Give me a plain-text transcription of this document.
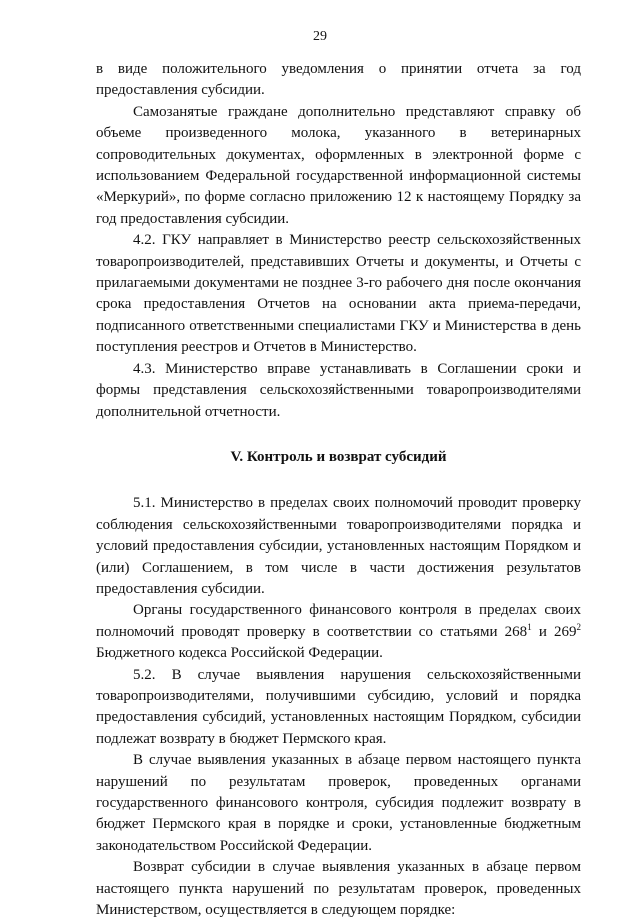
29

в виде положительного уведомления о принятии отчета за год предоставления субсидии.

Самозанятые граждане дополнительно представляют справку об объеме произведенного молока, указанного в ветеринарных сопроводительных документах, оформленных в электронной форме с использованием Федеральной государственной информационной системы «Меркурий», по форме согласно приложению 12 к настоящему Порядку за год предоставления субсидии.

4.2. ГКУ направляет в Министерство реестр сельскохозяйственных товаропроизводителей, представивших Отчеты и документы, и Отчеты с прилагаемыми документами не позднее 3-го рабочего дня после окончания срока предоставления Отчетов на основании акта приема-передачи, подписанного ответственными специалистами ГКУ и Министерства в день поступления реестров и Отчетов в Министерство.

4.3. Министерство вправе устанавливать в Соглашении сроки и формы представления сельскохозяйственными товаропроизводителями дополнительной отчетности.

V. Контроль и возврат субсидий

5.1. Министерство в пределах своих полномочий проводит проверку соблюдения сельскохозяйственными товаропроизводителями порядка и условий предоставления субсидии, установленных настоящим Порядком и (или) Соглашением, в том числе в части достижения результатов предоставления субсидии.

Органы государственного финансового контроля в пределах своих полномочий проводят проверку в соответствии со статьями $268^1$ и $269^2$ Бюджетного кодекса Российской Федерации.

5.2. В случае выявления нарушения сельскохозяйственными товаропроизводителями, получившими субсидию, условий и порядка предоставления субсидий, установленных настоящим Порядком, субсидии подлежат возврату в бюджет Пермского края.

В случае выявления указанных в абзаце первом настоящего пункта нарушений по результатам проверок, проведенных органами государственного финансового контроля, субсидия подлежит возврату в бюджет Пермского края в порядке и сроки, установленные бюджетным законодательством Российской Федерации.

Возврат субсидии в случае выявления указанных в абзаце первом настоящего пункта нарушений по результатам проверок, проведенных Министерством, осуществляется в следующем порядке:
